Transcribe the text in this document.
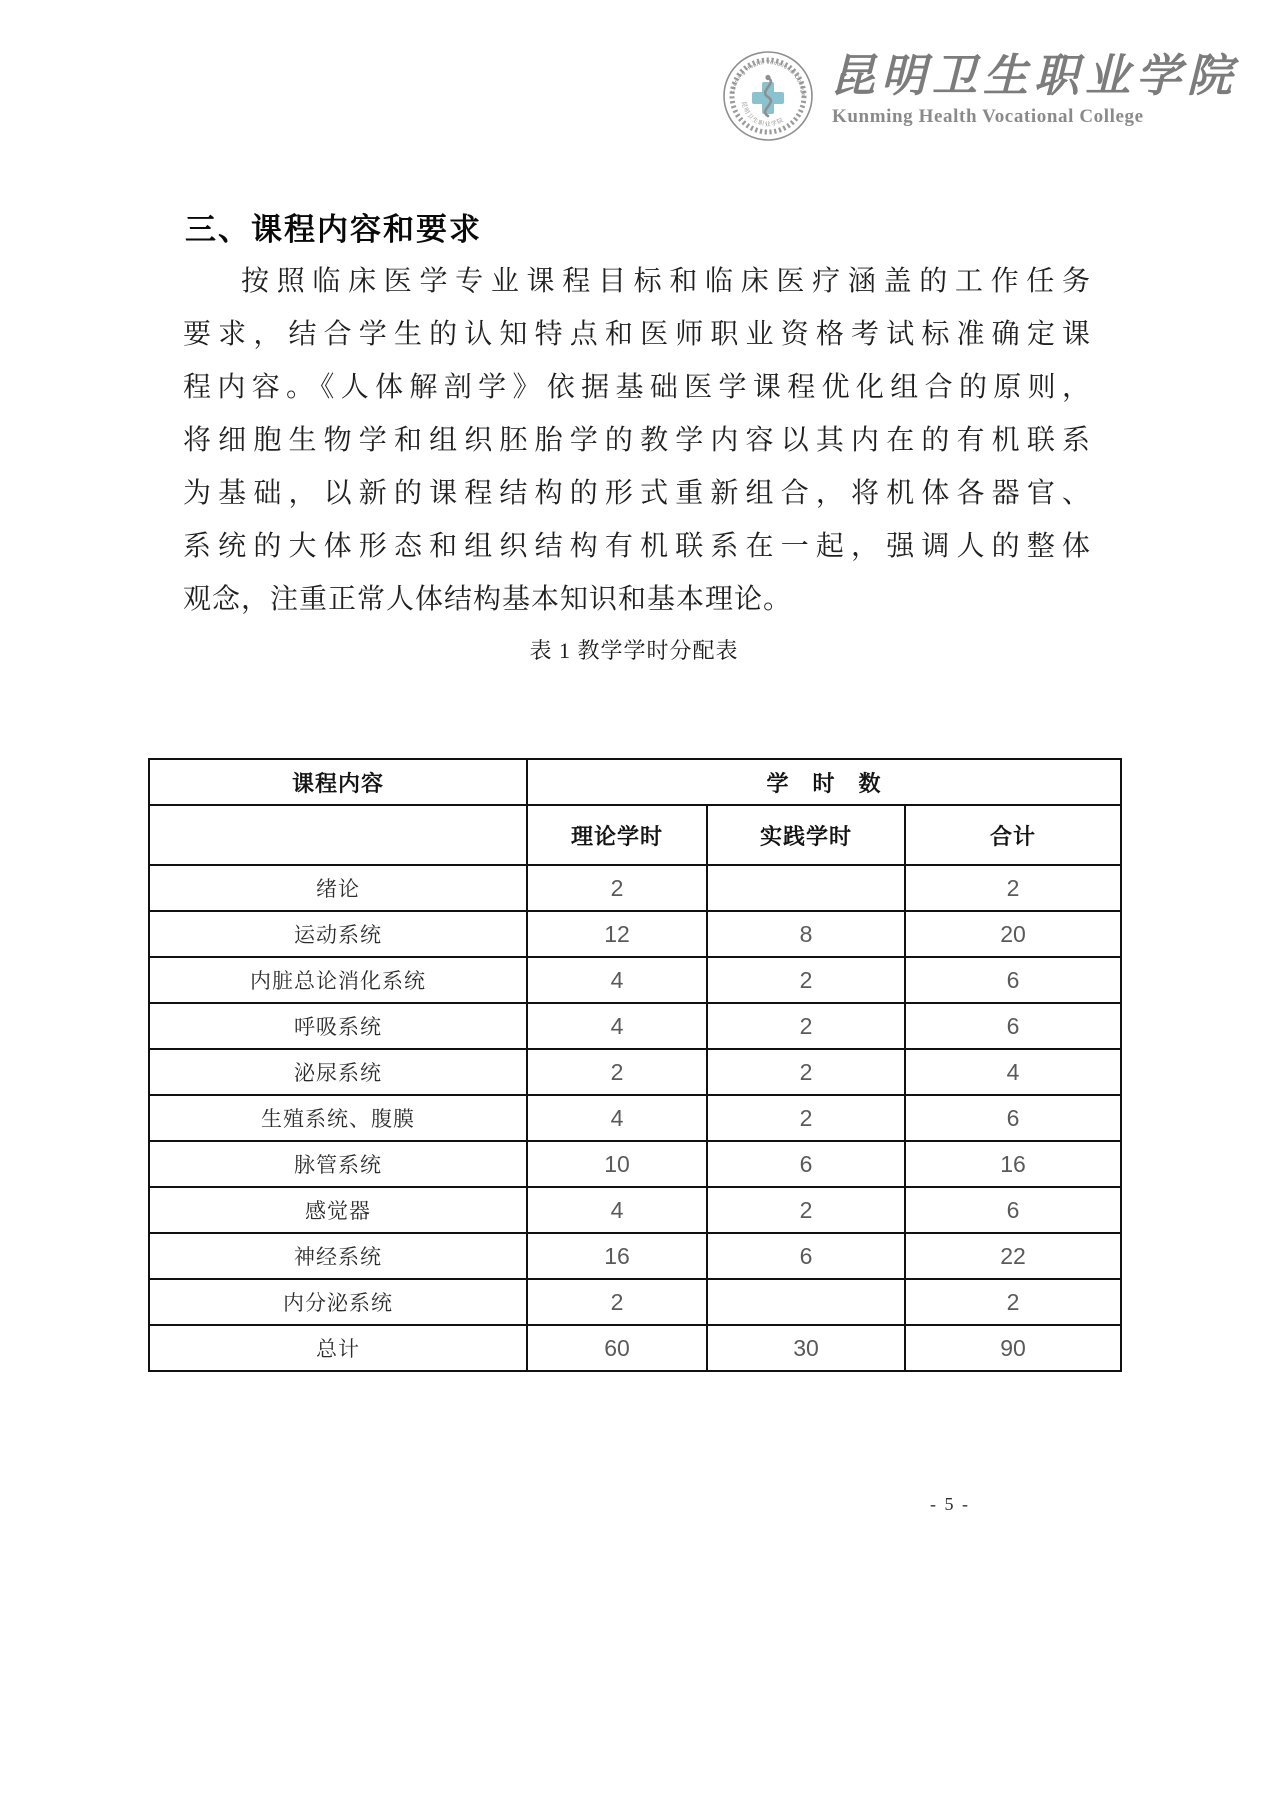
Kunming Health Vocational College
昆明卫生职业学院
昆明卫生职业学院
Kunming Health Vocational College
三、课程内容和要求
按照临床医学专业课程目标和临床医疗涵盖的工作任务
要求，结合学生的认知特点和医师职业资格考试标准确定课
程内容。《人体解剖学》依据基础医学课程优化组合的原则，
将细胞生物学和组织胚胎学的教学内容以其内在的有机联系
为基础，以新的课程结构的形式重新组合，将机体各器官、
系统的大体形态和组织结构有机联系在一起，强调人的整体
观念，注重正常人体结构基本知识和基本理论。
表 1 教学学时分配表
课程内容	学　时　数		
	理论学时	实践学时	合计
绪论	2		2
运动系统	12	8	20
内脏总论消化系统	4	2	6
呼吸系统	4	2	6
泌尿系统	2	2	4
生殖系统、腹膜	4	2	6
脉管系统	10	6	16
感觉器	4	2	6
神经系统	16	6	22
内分泌系统	2		2
总计	60	30	90
- 5 -
